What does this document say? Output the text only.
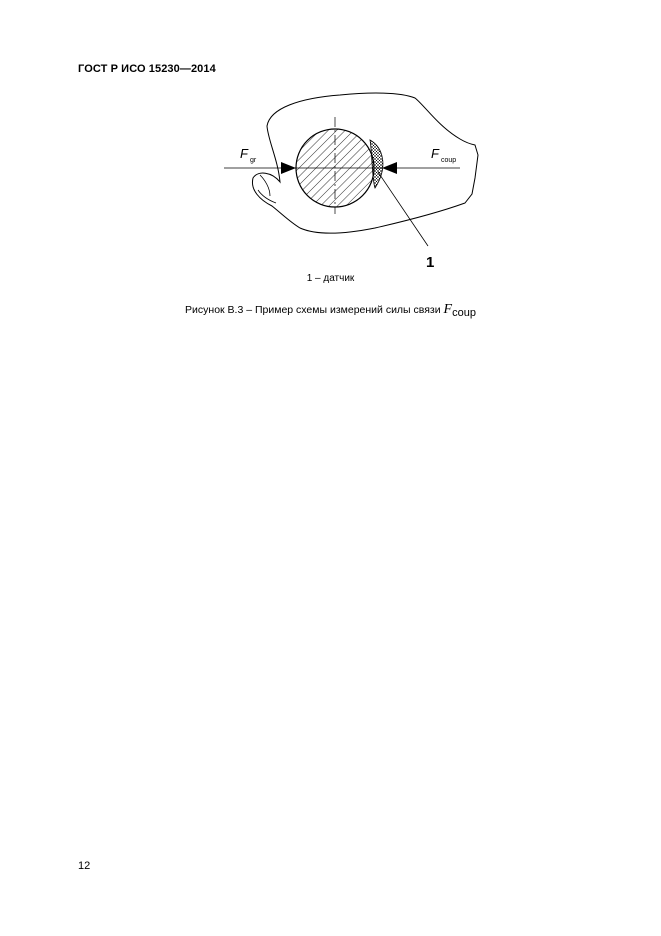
ГОСТ Р ИСО 15230—2014
F gr	F coup
1
1 – датчик
Рисунок В.3 – Пример схемы измерений силы связи Fcoup
12
